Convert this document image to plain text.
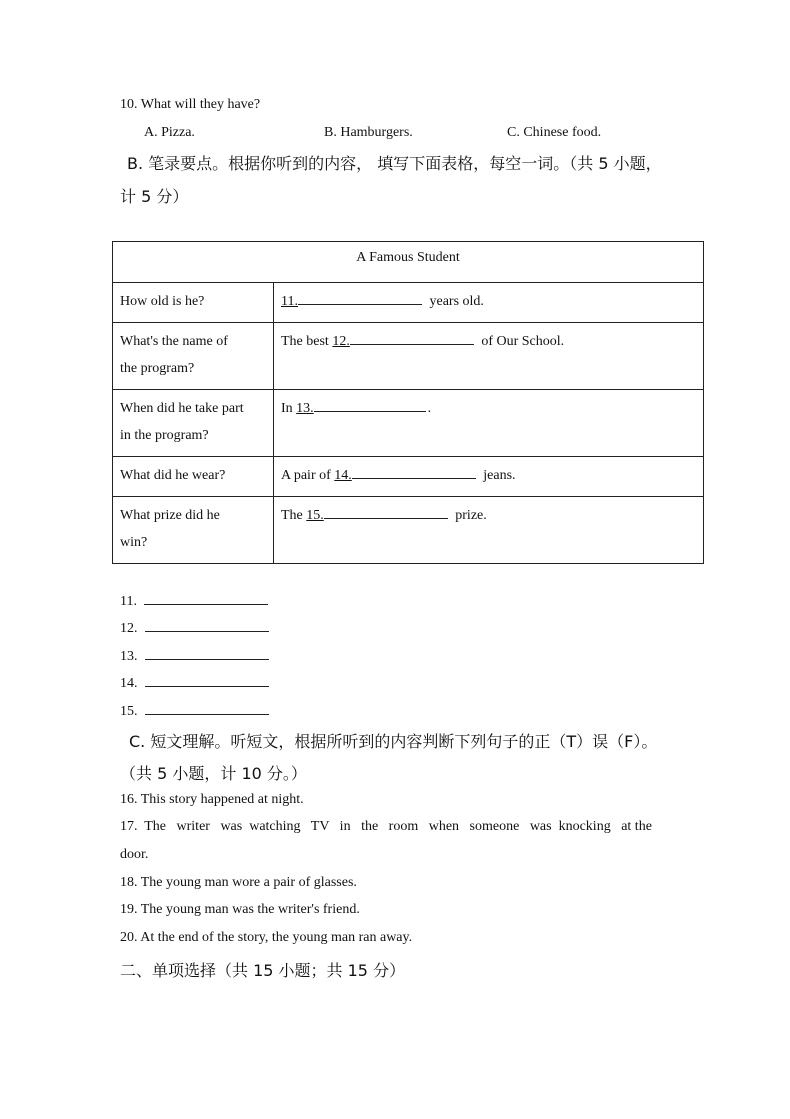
10. What will they have?
A. Pizza.	B. Hamburgers.	C. Chinese food.
B. 笔录要点。根据你听到的内容， 填写下面表格，每空一词。（共 5 小题，
计 5 分）
A Famous Student	
How old is he?	11. years old.

What's the name of
the program?	The best 12. of Our School.

When did he take part
in the program?	In 13. .
What did he wear?	A pair of 14. jeans.

What prize did he
win?	The 15. prize.
11.
12.
13.
14.
15.
C. 短文理解。听短文，根据所听到的内容判断下列句子的正（T）误（F）。
（共 5 小题，计 10 分。）
16. This story happened at night.
17.  The   writer   was  watching   TV   in   the   room   when   someone   was  knocking   at the
door.
18. The young man wore a pair of glasses.
19. The young man was the writer's friend.
20. At the end of the story, the young man ran away.
二、单项选择（共 15 小题；共 15 分）
